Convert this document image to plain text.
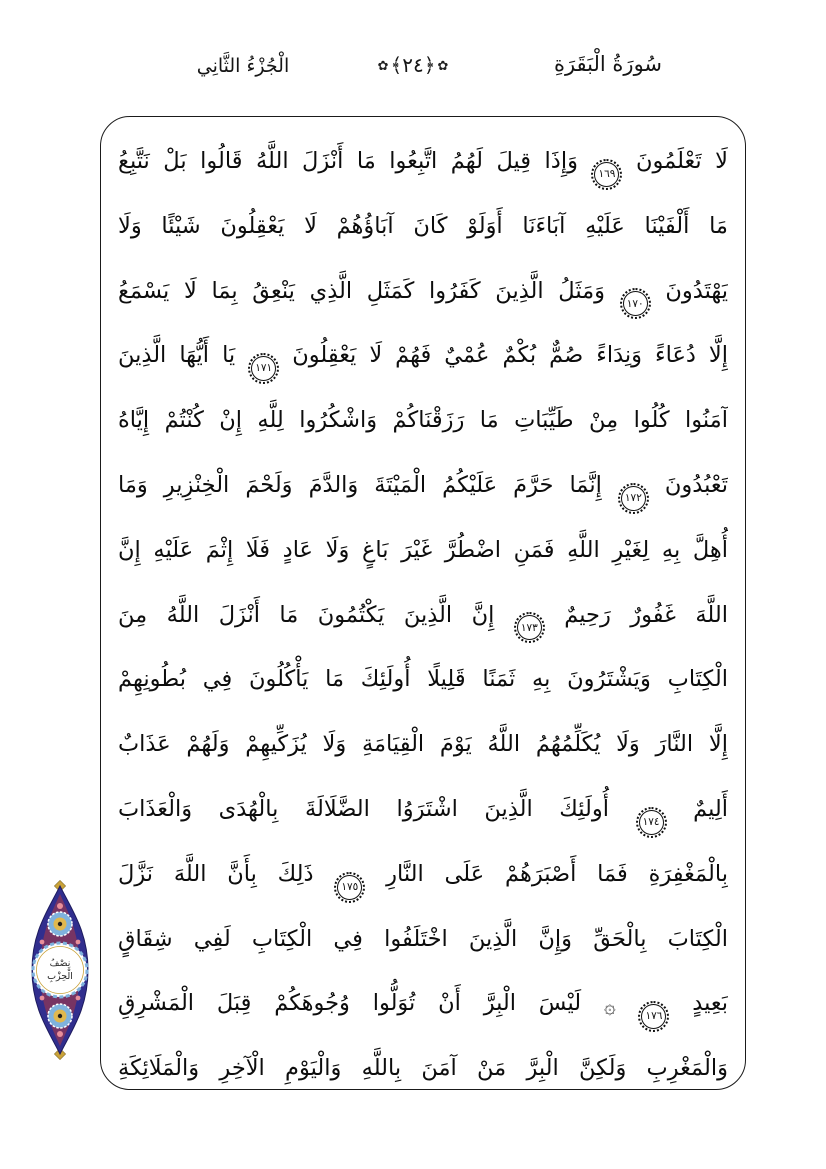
سُورَةُ الْبَقَرَةِ
✿﴿٢٤﴾✿
الْجُزْءُ الثَّانِي
لَا تَعْلَمُونَ
١٦٩
وَإِذَا قِيلَ لَهُمُ اتَّبِعُوا مَا أَنْزَلَ اللَّهُ قَالُوا بَلْ نَتَّبِعُ
مَا أَلْفَيْنَا عَلَيْهِ آبَاءَنَا أَوَلَوْ كَانَ آبَاؤُهُمْ لَا يَعْقِلُونَ شَيْئًا وَلَا
يَهْتَدُونَ
١٧٠
وَمَثَلُ الَّذِينَ كَفَرُوا كَمَثَلِ الَّذِي يَنْعِقُ بِمَا لَا يَسْمَعُ
إِلَّا دُعَاءً وَنِدَاءً صُمٌّ بُكْمٌ عُمْيٌ فَهُمْ لَا يَعْقِلُونَ
١٧١
يَا أَيُّهَا الَّذِينَ
آمَنُوا كُلُوا مِنْ طَيِّبَاتِ مَا رَزَقْنَاكُمْ وَاشْكُرُوا لِلَّهِ إِنْ كُنْتُمْ إِيَّاهُ
تَعْبُدُونَ
١٧٢
إِنَّمَا حَرَّمَ عَلَيْكُمُ الْمَيْتَةَ وَالدَّمَ وَلَحْمَ الْخِنْزِيرِ وَمَا
أُهِلَّ بِهِ لِغَيْرِ اللَّهِ فَمَنِ اضْطُرَّ غَيْرَ بَاغٍ وَلَا عَادٍ فَلَا إِثْمَ عَلَيْهِ إِنَّ
اللَّهَ غَفُورٌ رَحِيمٌ
١٧٣
إِنَّ الَّذِينَ يَكْتُمُونَ مَا أَنْزَلَ اللَّهُ مِنَ
الْكِتَابِ وَيَشْتَرُونَ بِهِ ثَمَنًا قَلِيلًا أُولَئِكَ مَا يَأْكُلُونَ فِي بُطُونِهِمْ
إِلَّا النَّارَ وَلَا يُكَلِّمُهُمُ اللَّهُ يَوْمَ الْقِيَامَةِ وَلَا يُزَكِّيهِمْ وَلَهُمْ عَذَابٌ
أَلِيمٌ
١٧٤
أُولَئِكَ الَّذِينَ اشْتَرَوُا الضَّلَالَةَ بِالْهُدَى وَالْعَذَابَ
بِالْمَغْفِرَةِ فَمَا أَصْبَرَهُمْ عَلَى النَّارِ
١٧٥
ذَلِكَ بِأَنَّ اللَّهَ نَزَّلَ
الْكِتَابَ بِالْحَقِّ وَإِنَّ الَّذِينَ اخْتَلَفُوا فِي الْكِتَابِ لَفِي شِقَاقٍ
بَعِيدٍ
١٧٦
۞ لَيْسَ الْبِرَّ أَنْ تُوَلُّوا وُجُوهَكُمْ قِبَلَ الْمَشْرِقِ
وَالْمَغْرِبِ وَلَكِنَّ الْبِرَّ مَنْ آمَنَ بِاللَّهِ وَالْيَوْمِ الْآخِرِ وَالْمَلَائِكَةِ
نِصْفُ
الْحِزْبِ
